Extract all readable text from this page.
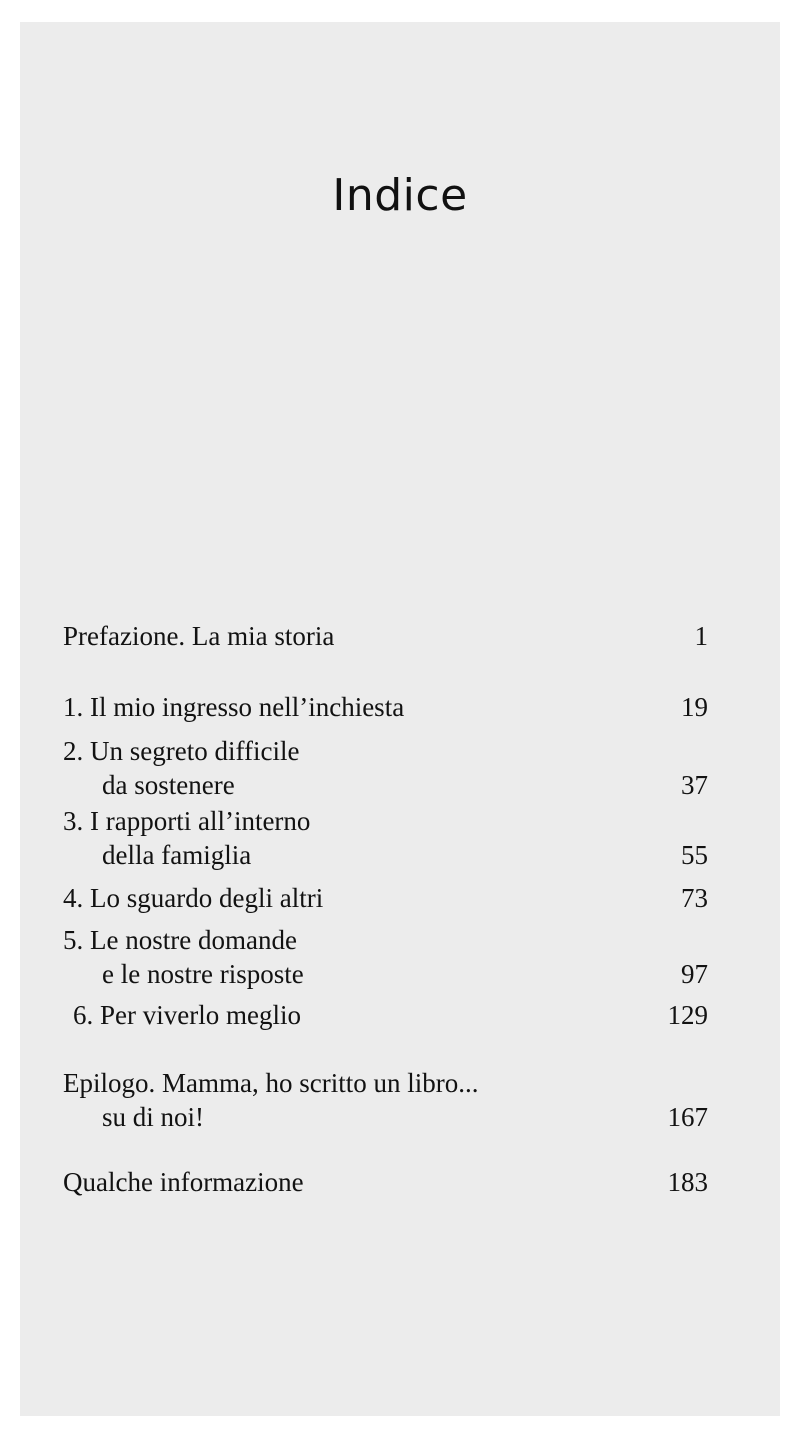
Indice
Prefazione. La mia storia	1
1. Il mio ingresso nell’inchiesta	19
2. Un segreto difficile
da sostenere	37
3. I rapporti all’interno
della famiglia	55
4. Lo sguardo degli altri	73
5. Le nostre domande
e le nostre risposte	97
6. Per viverlo meglio	129
Epilogo. Mamma, ho scritto un libro...
su di noi!	167
Qualche informazione	183
